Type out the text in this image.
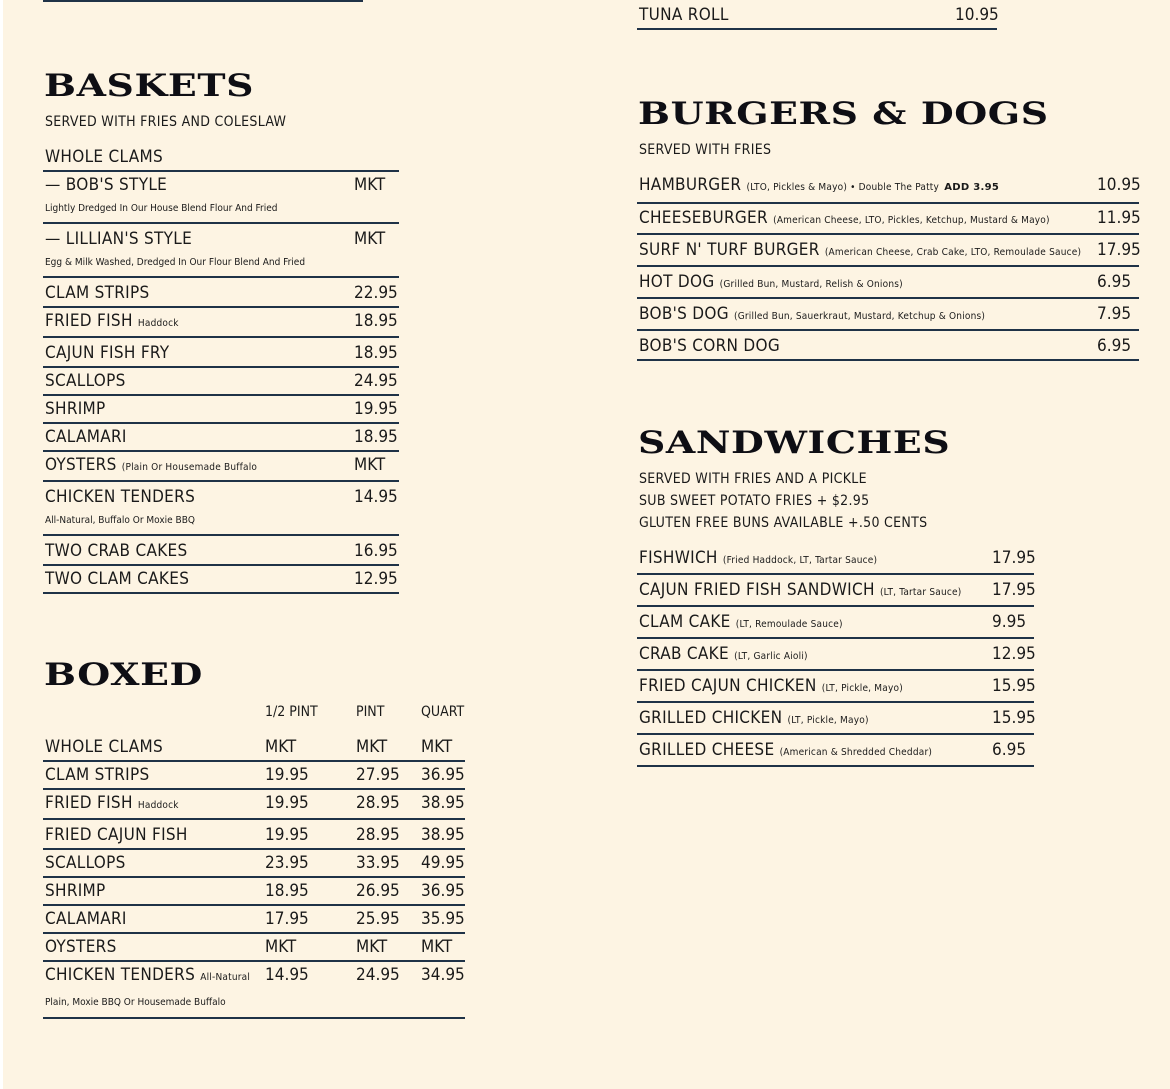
TUNA ROLL	10.95
BASKETS
SERVED WITH FRIES AND COLESLAW
WHOLE CLAMS
— BOB'S STYLE	MKT
Lightly Dredged In Our House Blend Flour And Fried
— LILLIAN'S STYLE	MKT
Egg & Milk Washed, Dredged In Our Flour Blend And Fried
CLAM STRIPS	22.95
FRIED FISH Haddock	18.95
CAJUN FISH FRY	18.95
SCALLOPS	24.95
SHRIMP	19.95
CALAMARI	18.95
OYSTERS (Plain Or Housemade Buffalo	MKT
CHICKEN TENDERS	14.95
All-Natural, Buffalo Or Moxie BBQ
TWO CRAB CAKES	16.95
TWO CLAM CAKES	12.95
BOXED
1/2 PINT	PINT	QUART
WHOLE CLAMS	MKT	MKT MKT
CLAM STRIPS	19.95	27.95 36.95
FRIED FISH Haddock	19.95	28.95 38.95
FRIED CAJUN FISH	19.95	28.95 38.95
SCALLOPS	23.95	33.95 49.95
SHRIMP	18.95	26.95 36.95
CALAMARI	17.95	25.95 35.95
OYSTERS	MKT	MKT MKT
CHICKEN TENDERS All-Natural 14.95	24.95 34.95
Plain, Moxie BBQ Or Housemade Buffalo
BURGERS & DOGS
SERVED WITH FRIES
HAMBURGER (LTO, Pickles & Mayo) • Double The Patty ADD 3.95	10.95
CHEESEBURGER (American Cheese, LTO, Pickles, Ketchup, Mustard & Mayo)	11.95
SURF N' TURF BURGER (American Cheese, Crab Cake, LTO, Remoulade Sauce) 17.95
HOT DOG (Grilled Bun, Mustard, Relish & Onions)	6.95
BOB'S DOG (Grilled Bun, Sauerkraut, Mustard, Ketchup & Onions)	7.95
BOB'S CORN DOG	6.95
SANDWICHES
SERVED WITH FRIES AND A PICKLE
SUB SWEET POTATO FRIES + $2.95
GLUTEN FREE BUNS AVAILABLE +.50 CENTS
FISHWICH (Fried Haddock, LT, Tartar Sauce)	17.95
CAJUN FRIED FISH SANDWICH (LT, Tartar Sauce) 17.95
CLAM CAKE (LT, Remoulade Sauce)	9.95
CRAB CAKE (LT, Garlic Aioli)	12.95
FRIED CAJUN CHICKEN (LT, Pickle, Mayo)	15.95
GRILLED CHICKEN (LT, Pickle, Mayo)	15.95
GRILLED CHEESE (American & Shredded Cheddar)	6.95
